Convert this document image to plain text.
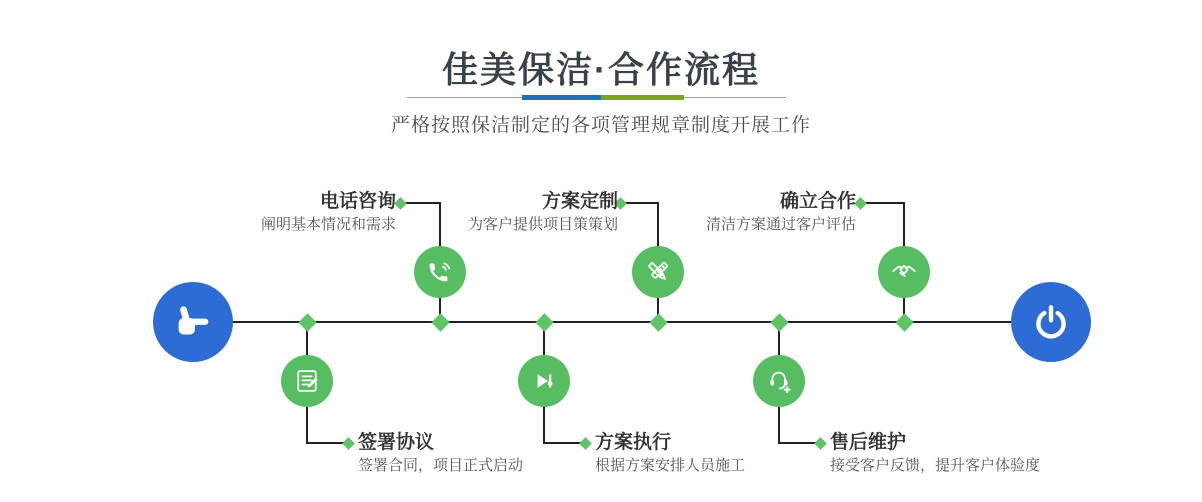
佳美保洁·合作流程

严格按照保洁制定的各项管理规章制度开展工作

电话咨询
阐明基本情况和需求
方案定制
为客户提供项目策策划
确立合作
清洁方案通过客户评估
签署协议
签署合同，项目正式启动
方案执行
根据方案安排人员施工
售后维护
接受客户反馈，提升客户体验度
